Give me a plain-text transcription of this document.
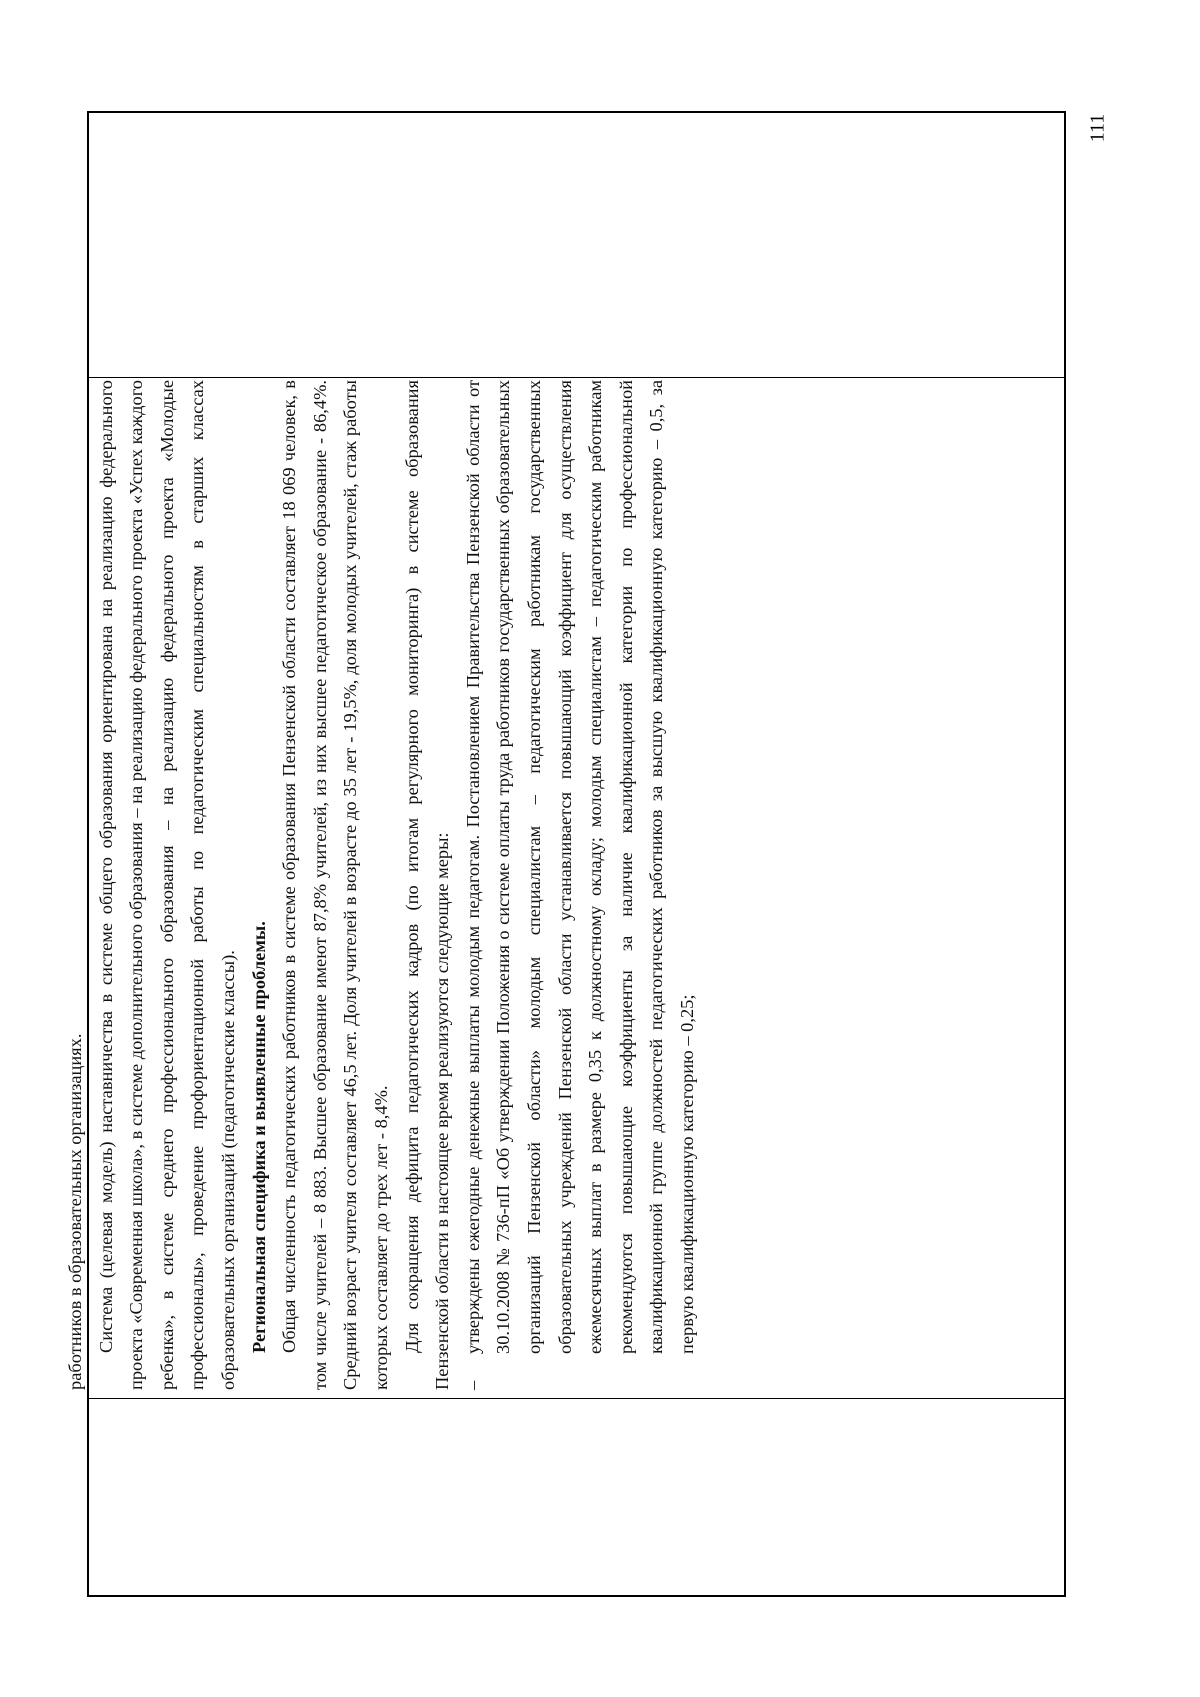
111

работников в образовательных организациях. Система (целевая модель) наставничества в системе общего образования ориентирована на реализацию федерального проекта «Современная школа», в системе дополнительного образования – на реализацию федерального проекта «Успех каждого ребенка», в системе среднего профессионального образования – на реализацию федерального проекта «Молодые профессионалы», проведение профориентационной работы по педагогическим специальностям в старших классах образовательных организаций (педагогические классы). Региональная специфика и выявленные проблемы. Общая численность педагогических работников в системе образования Пензенской области составляет 18 069 человек, в том числе учителей – 8 883. Высшее образование имеют 87,8% учителей, из них высшее педагогическое образование - 86,4%. Средний возраст учителя составляет 46,5 лет. Доля учителей в возрасте до 35 лет - 19,5%, доля молодых учителей, стаж работы которых составляет до трех лет - 8,4%. Для сокращения дефицита педагогических кадров (по итогам регулярного мониторинга) в системе образования Пензенской области в настоящее время реализуются следующие меры: –
утверждены ежегодные денежные выплаты молодым педагогам. Постановлением Правительства Пензенской области от 30.10.2008 № 736-пП «Об утверждении Положения о системе оплаты труда работников государственных образовательных организаций Пензенской области» молодым специалистам – педагогическим работникам государственных образовательных учреждений Пензенской области устанавливается повышающий коэффициент для осуществления ежемесячных выплат в размере 0,35 к должностному окладу; молодым специалистам – педагогическим работникам рекомендуются повышающие коэффициенты за наличие квалификационной категории по профессиональной квалификационной группе должностей педагогических работников за высшую квалификационную категорию – 0,5, за первую квалификационную категорию – 0,25;
